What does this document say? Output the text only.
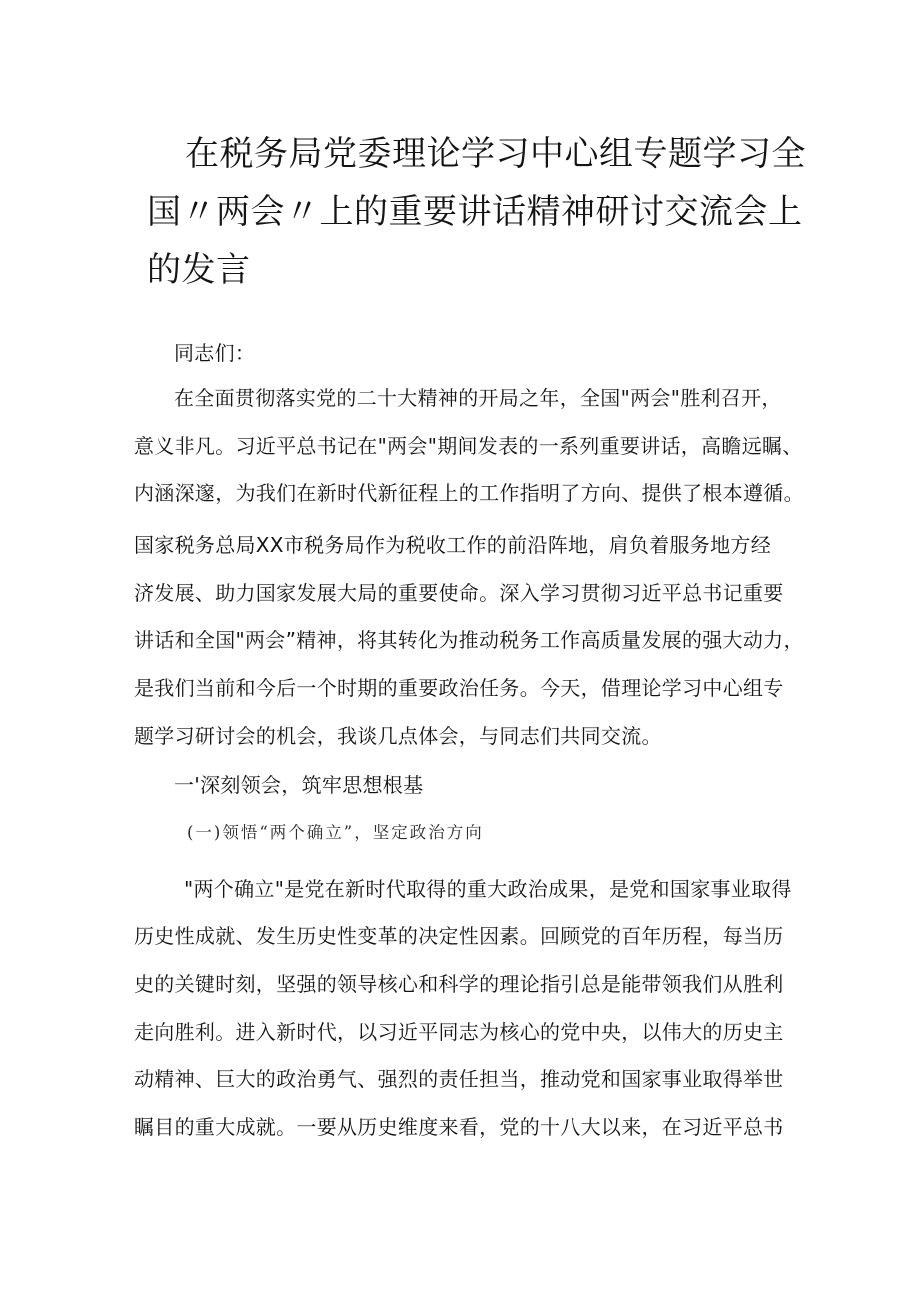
在税务局党委理论学习中心组专题学习全
国〃两会〃上的重要讲话精神研讨交流会上
的发言

同志们：

在全面贯彻落实党的二十大精神的开局之年，全国"两会"胜利召开，

意义非凡。习近平总书记在"两会"期间发表的一系列重要讲话，高瞻远瞩、

内涵深邃，为我们在新时代新征程上的工作指明了方向、提供了根本遵循。

国家税务总局XX市税务局作为税收工作的前沿阵地，肩负着服务地方经

济发展、助力国家发展大局的重要使命。深入学习贯彻习近平总书记重要

讲话和全国"两会”精神，将其转化为推动税务工作高质量发展的强大动力，

是我们当前和今后一个时期的重要政治任务。今天，借理论学习中心组专

题学习研讨会的机会，我谈几点体会，与同志们共同交流。

一'深刻领会，筑牢思想根基

(一)领悟“两个确立”，坚定政治方向

"两个确立"是党在新时代取得的重大政治成果，是党和国家事业取得

历史性成就、发生历史性变革的决定性因素。回顾党的百年历程，每当历

史的关键时刻，坚强的领导核心和科学的理论指引总是能带领我们从胜利

走向胜利。进入新时代，以习近平同志为核心的党中央，以伟大的历史主

动精神、巨大的政治勇气、强烈的责任担当，推动党和国家事业取得举世

瞩目的重大成就。一要从历史维度来看，党的十八大以来，在习近平总书
